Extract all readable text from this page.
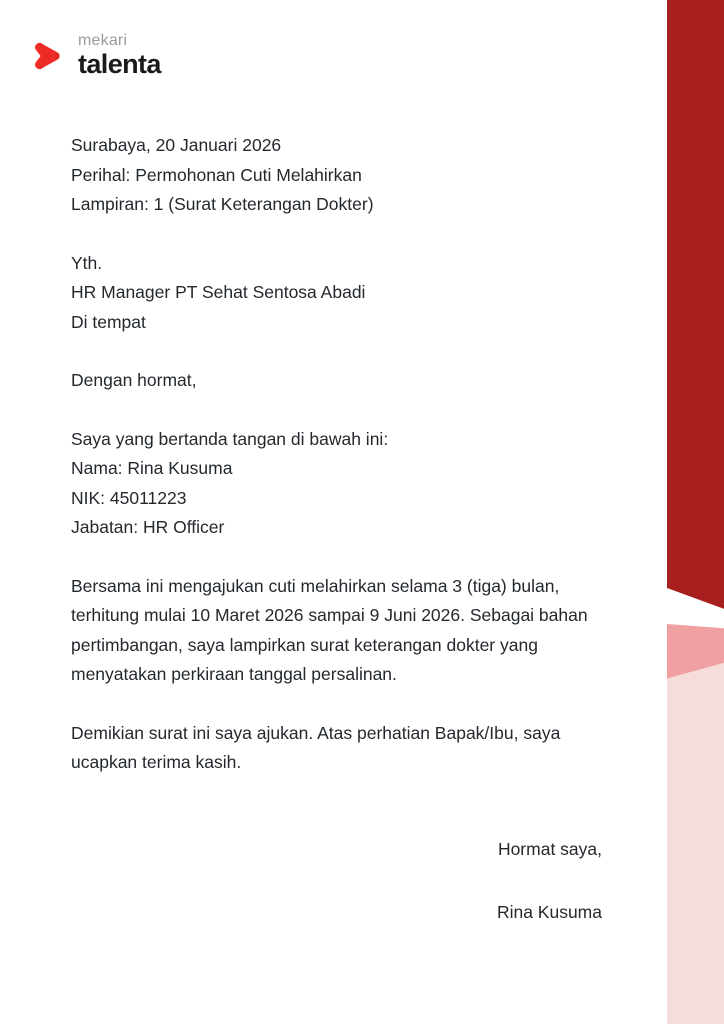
mekari
talenta
Surabaya, 20 Januari 2026
Perihal: Permohonan Cuti Melahirkan
Lampiran: 1 (Surat Keterangan Dokter)
Yth.
HR Manager PT Sehat Sentosa Abadi
Di tempat
Dengan hormat,
Saya yang bertanda tangan di bawah ini:
Nama: Rina Kusuma
NIK: 45011223
Jabatan: HR Officer
Bersama ini mengajukan cuti melahirkan selama 3 (tiga) bulan, terhitung mulai 10 Maret 2026 sampai 9 Juni 2026. Sebagai bahan pertimbangan, saya lampirkan surat keterangan dokter yang menyatakan perkiraan tanggal persalinan.
Demikian surat ini saya ajukan. Atas perhatian Bapak/Ibu, saya ucapkan terima kasih.
Hormat saya,
Rina Kusuma
